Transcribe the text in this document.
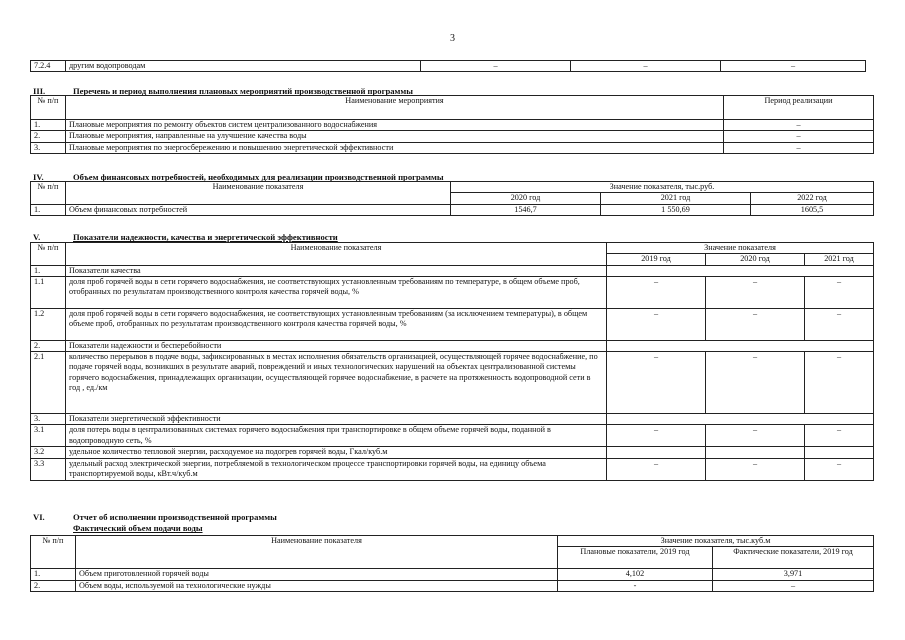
3
7.2.4	другим водопроводам	–	–	–
III.	Перечень и период выполнения плановых мероприятий производственной программы
№ п/п	Наименование мероприятия	Период реализации
1.	Плановые мероприятия по ремонту объектов систем централизованного водоснабжения	–
2.	Плановые мероприятия, направленные на улучшение качества воды	–
3.	Плановые мероприятия по энергосбережению и повышению энергетической эффективности	–
IV.	Объем финансовых потребностей, необходимых для реализации производственной программы
№ п/п	Наименование показателя	Значение показателя, тыс.руб.		
		2020 год	2021 год	2022 год
1.	Объем финансовых потребностей	1546,7	1 550,69	1605,5
V.	Показатели надежности, качества и энергетической эффективности
№ п/п	Наименование показателя	Значение показателя		
		2019 год	2020 год	2021 год
1.	Показатели качества			
1.1	доля проб горячей воды в сети горячего водоснабжения, не соответствующих установленным требованиям по температуре, в общем объеме проб, отобранных по результатам производственного контроля качества горячей воды, %	–	–	–
1.2	доля проб горячей воды в сети горячего водоснабжения, не соответствующих установленным требованиям (за исключением температуры), в общем объеме проб, отобранных по результатам производственного контроля качества горячей воды, %	–	–	–
2.	Показатели надежности и бесперебойности			
2.1	количество перерывов в подаче воды, зафиксированных в местах исполнения обязательств организацией, осуществляющей горячее водоснабжение, по подаче горячей воды, возникших в результате аварий, повреждений и иных технологических нарушений на объектах централизованной системы горячего водоснабжения, принадлежащих организации, осуществляющей горячее водоснабжение, в расчете на протяженность водопроводной сети в год , ед./км	–	–	–
3.	Показатели энергетической эффективности			
3.1	доля потерь воды в централизованных системах горячего водоснабжения при транспортировке в общем объеме горячей воды, поданной в водопроводную сеть, %	–	–	–
3.2	удельное количество тепловой энергии, расходуемое на подогрев горячей воды, Гкал/куб.м			
3.3	удельный расход электрической энергии, потребляемой в технологическом процессе транспортировки горячей воды, на единицу объема транспортируемой воды, кВт.ч/куб.м	–	–	–
VI.	Отчет об исполнении производственной программы
Фактический объем подачи воды
№ п/п	Наименование показателя	Значение показателя, тыс.куб.м	
		Плановые показатели, 2019 год	Фактические показатели, 2019 год
1.	Объем приготовленной горячей воды	4,102	3,971
2.	Объем воды, используемой на технологические нужды	-	–
